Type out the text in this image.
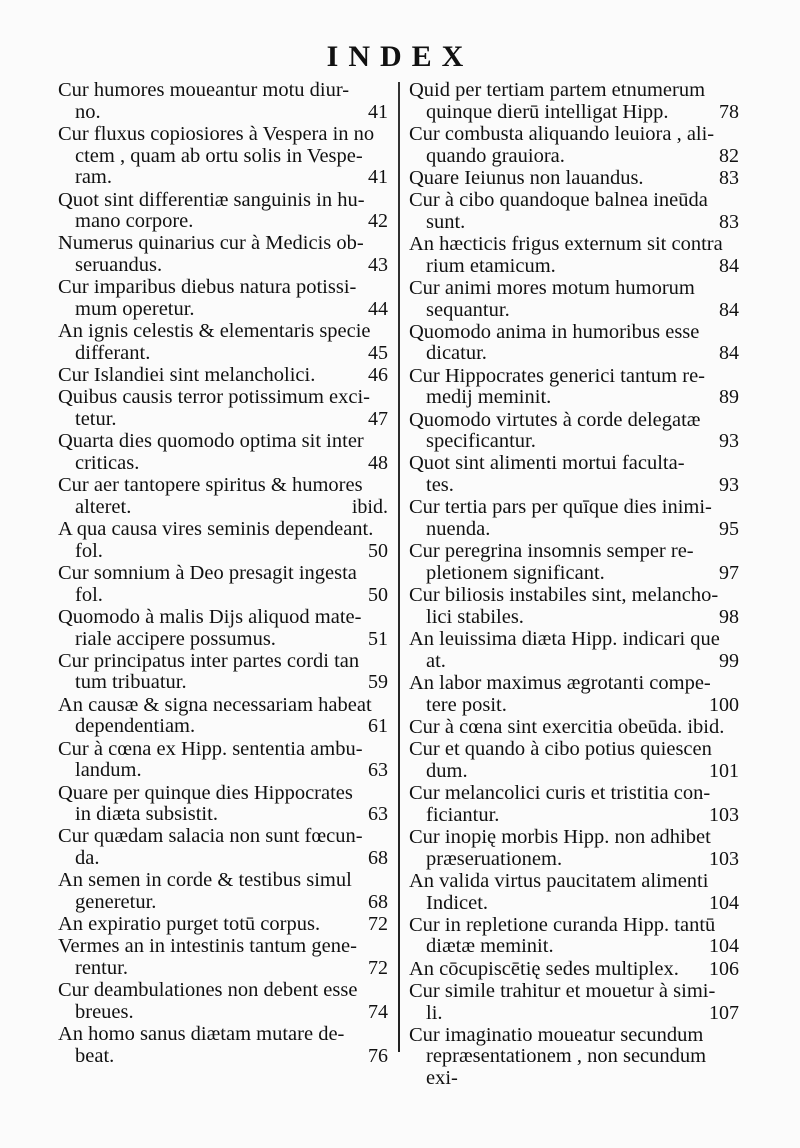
INDEX
Cur humores moueantur motu diur-
no.	41
Cur fluxus copiosiores à Vespera in no
ctem , quam ab ortu solis in Vespe-
ram.	41
Quot sint differentiæ sanguinis in hu-
mano corpore.	42
Numerus quinarius cur à Medicis ob-
seruandus.	43
Cur imparibus diebus natura potissi-
mum operetur.	44
An ignis celestis & elementaris specie
differant.	45
Cur Islandiei sint melancholici.	46
Quibus causis terror potissimum exci-
tetur.	47
Quarta dies quomodo optima sit inter
criticas.	48
Cur aer tantopere spiritus & humores
alteret.	ibid.
A qua causa vires seminis dependeant.
fol.	50
Cur somnium à Deo presagit ingesta
fol.	50
Quomodo à malis Dijs aliquod mate-
riale accipere possumus.	51
Cur principatus inter partes cordi tan
tum tribuatur.	59
An causæ & signa necessariam habeat
dependentiam.	61
Cur à cœna ex Hipp. sententia ambu-
landum.	63
Quare per quinque dies Hippocrates
in diæta subsistit.	63
Cur quædam salacia non sunt fœcun-
da.	68
An semen in corde & testibus simul
generetur.	68
An expiratio purget totū corpus.	72
Vermes an in intestinis tantum gene-
rentur.	72
Cur deambulationes non debent esse
breues.	74
An homo sanus diætam mutare de-
beat.	76
Quid per tertiam partem etnumerum
quinque dierū intelligat Hipp.	78
Cur combusta aliquando leuiora , ali-
quando grauiora.	82
Quare Ieiunus non lauandus.	83
Cur à cibo quandoque balnea ineūda
sunt.	83
An hæcticis frigus externum sit contra
rium etamicum.	84
Cur animi mores motum humorum
sequantur.	84
Quomodo anima in humoribus esse
dicatur.	84
Cur Hippocrates generici tantum re-
medij meminit.	89
Quomodo virtutes à corde delegatæ
specificantur.	93
Quot sint alimenti mortui faculta-
tes.	93
Cur tertia pars per quīque dies inimi-
nuenda.	95
Cur peregrina insomnis semper re-
pletionem significant.	97
Cur biliosis instabiles sint, melancho-
lici stabiles.	98
An leuissima diæta Hipp. indicari que
at.	99
An labor maximus ægrotanti compe-
tere posit.	100
Cur à cœna sint exercitia obeūda. ibid.
Cur et quando à cibo potius quiescen
dum.	101
Cur melancolici curis et tristitia con-
ficiantur.	103
Cur inopię morbis Hipp. non adhibet
præseruationem.	103
An valida virtus paucitatem alimenti
Indicet.	104
Cur in repletione curanda Hipp. tantū
diætæ meminit.	104
An cōcupiscētię sedes multiplex.	106
Cur simile trahitur et mouetur à simi-
li.	107
Cur imaginatio moueatur secundum
repræsentationem , non secundum
exi-
